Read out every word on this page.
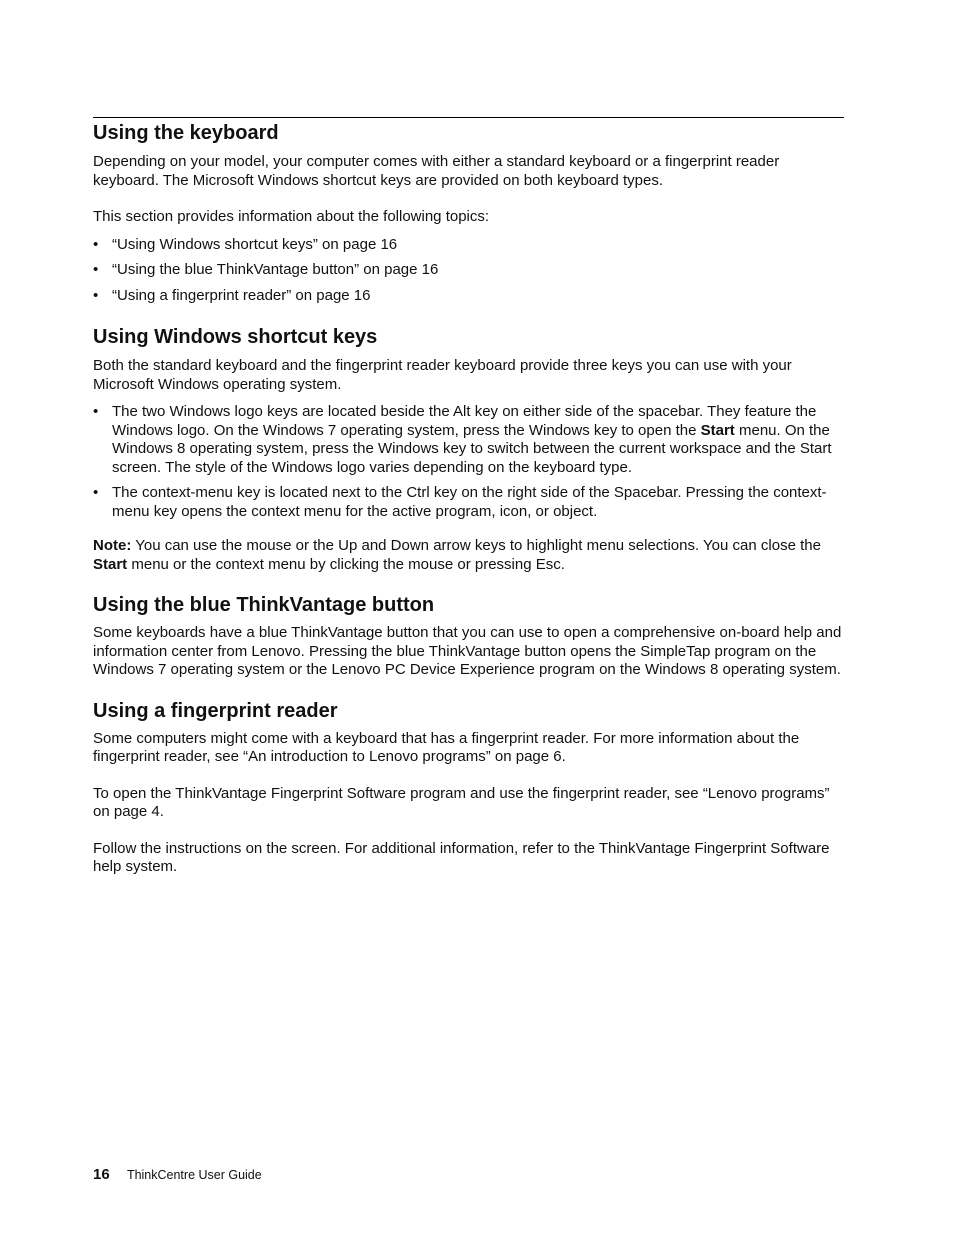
Using the keyboard

Depending on your model, your computer comes with either a standard keyboard or a fingerprint reader keyboard. The Microsoft Windows shortcut keys are provided on both keyboard types.

This section provides information about the following topics:

• “Using Windows shortcut keys” on page 16
• “Using the blue ThinkVantage button” on page 16
• “Using a fingerprint reader” on page 16
Using Windows shortcut keys

Both the standard keyboard and the fingerprint reader keyboard provide three keys you can use with your Microsoft Windows operating system.

• The two Windows logo keys are located beside the Alt key on either side of the spacebar. They feature the Windows logo. On the Windows 7 operating system, press the Windows key to open the Start menu. On the Windows 8 operating system, press the Windows key to switch between the current workspace and the Start screen. The style of the Windows logo varies depending on the keyboard type.
• The context-menu key is located next to the Ctrl key on the right side of the Spacebar. Pressing the context-menu key opens the context menu for the active program, icon, or object.

Note: You can use the mouse or the Up and Down arrow keys to highlight menu selections. You can close the Start menu or the context menu by clicking the mouse or pressing Esc.

Using the blue ThinkVantage button

Some keyboards have a blue ThinkVantage button that you can use to open a comprehensive on-board help and information center from Lenovo. Pressing the blue ThinkVantage button opens the SimpleTap program on the Windows 7 operating system or the Lenovo PC Device Experience program on the Windows 8 operating system.

Using a fingerprint reader

Some computers might come with a keyboard that has a fingerprint reader. For more information about the fingerprint reader, see “An introduction to Lenovo programs” on page 6.

To open the ThinkVantage Fingerprint Software program and use the fingerprint reader, see “Lenovo programs” on page 4.

Follow the instructions on the screen. For additional information, refer to the ThinkVantage Fingerprint Software help system.

16 ThinkCentre User Guide
